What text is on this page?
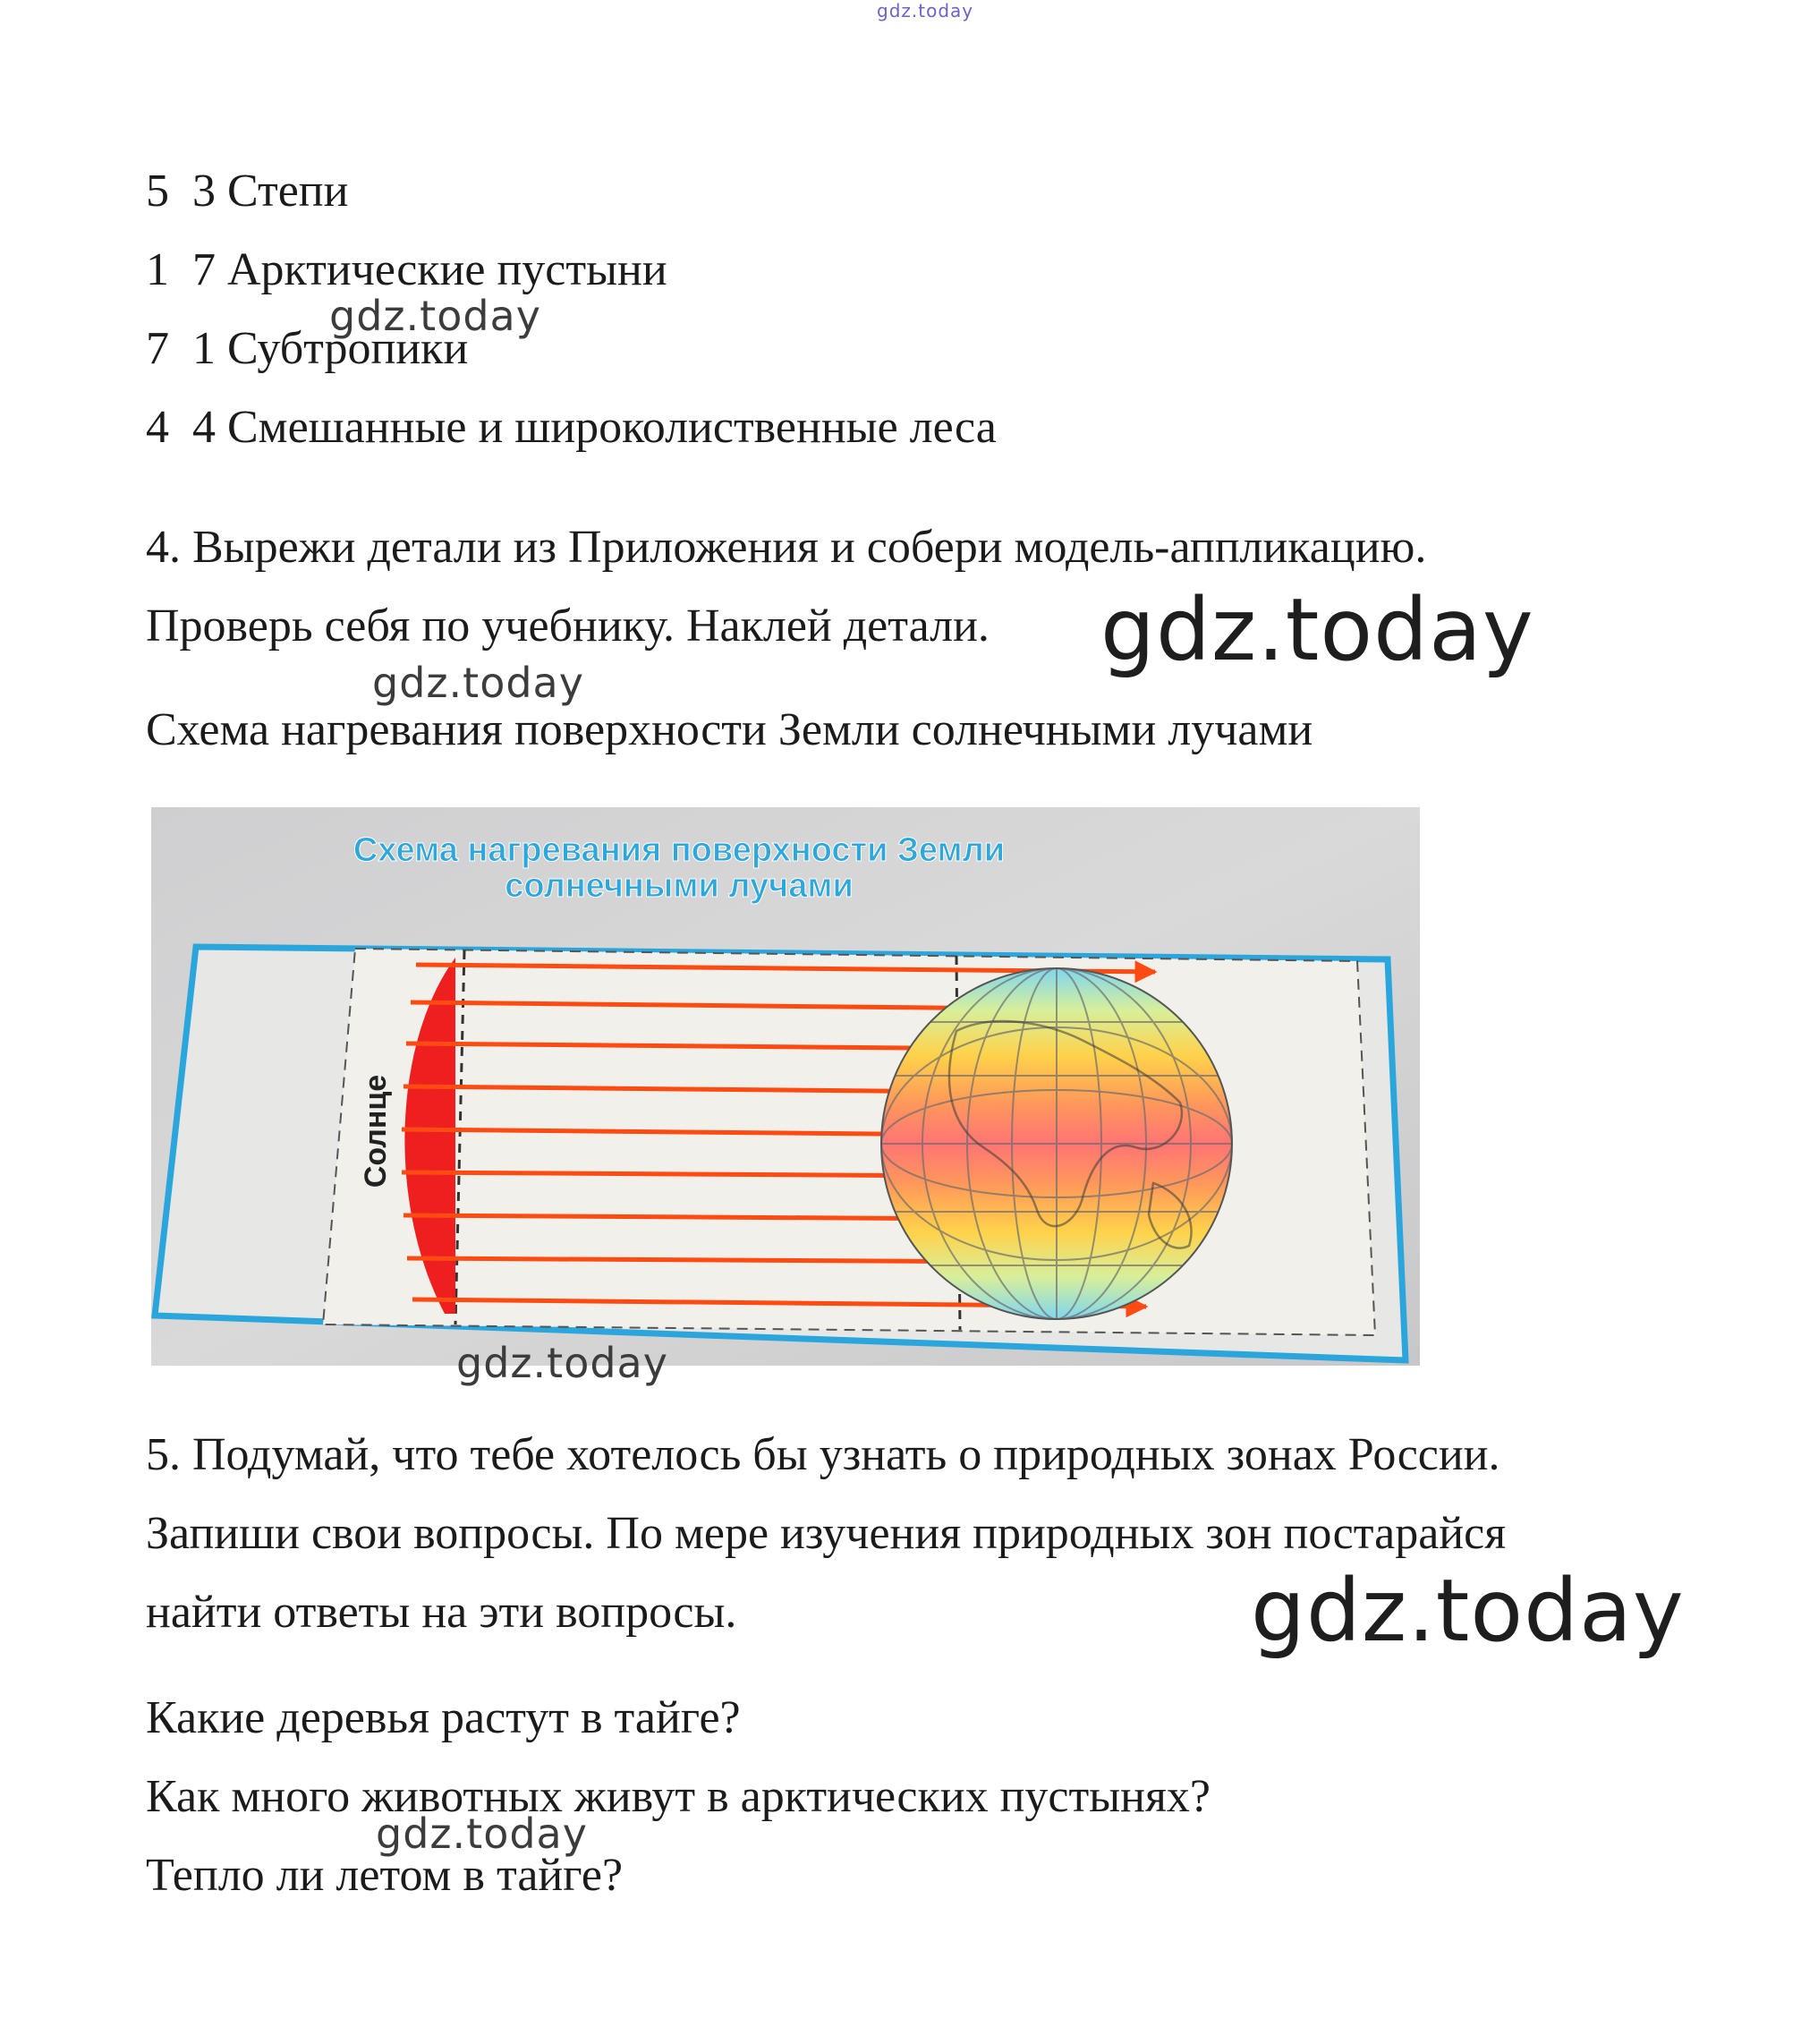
gdz.today

5 3 Степи

1 7 Арктические пустыни

7 1 Субтропики

4 4 Смешанные и широколиственные леса

gdz.today

4. Вырежи детали из Приложения и собери модель-аппликацию.

Проверь себя по учебнику. Наклей детали. gdz.today
gdz.today

Схема нагревания поверхности Земли солнечными лучами

Схема нагревания поверхности Земли
солнечными лучами
Солнце
gdz.today

5. Подумай, что тебе хотелось бы узнать о природных зонах России.

Запиши свои вопросы. По мере изучения природных зон постарайся

найти ответы на эти вопросы.	gdz.today

Какие деревья растут в тайге?

Как много животных живут в арктических пустынях?

gdz.today

Тепло ли летом в тайге?
